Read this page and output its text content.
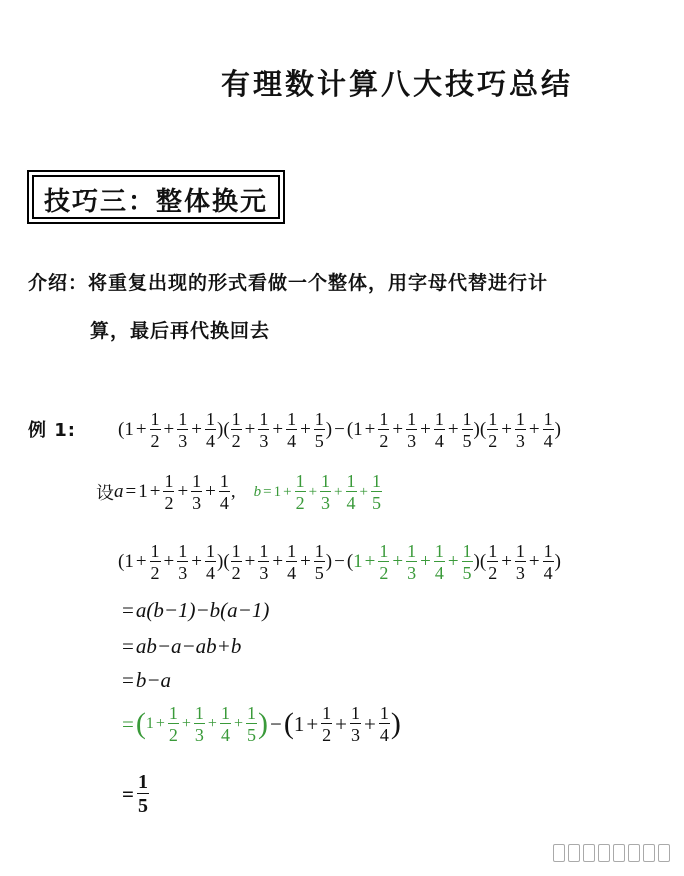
有理数计算八大技巧总结
技巧三：整体换元
介绍：将重复出现的形式看做一个整体，用字母代替进行计
算，最后再代换回去
例 1: ( $1 + \frac{1}{2} + \frac{1}{3} + \frac{1}{4}$ ) ( $\frac{1}{2} + \frac{1}{3} + \frac{1}{4} + \frac{1}{5}$ ) − ( $1 + \frac{1}{2} + \frac{1}{3} + \frac{1}{4} + \frac{1}{5}$ ) ( $\frac{1}{2} + \frac{1}{3} + \frac{1}{4}$ )
设 $a = 1 + \frac{1}{2} + \frac{1}{3} + \frac{1}{4}$ , $b = 1 + \frac{1}{2} + \frac{1}{3} + \frac{1}{4} + \frac{1}{5}$
( $1 + \frac{1}{2} + \frac{1}{3} + \frac{1}{4}$ ) ( $\frac{1}{2} + \frac{1}{3} + \frac{1}{4} + \frac{1}{5}$ ) − ( $1 + \frac{1}{2} + \frac{1}{3} + \frac{1}{4} + \frac{1}{5}$ ) ( $\frac{1}{2} + \frac{1}{3} + \frac{1}{4}$ )
= a(b−1)−b(a−1)
= ab−a−ab+b
= b−a
= ( $1 + \frac{1}{2} + \frac{1}{3} + \frac{1}{4} + \frac{1}{5}$ ) − ( $1 + \frac{1}{2} + \frac{1}{3} + \frac{1}{4}$ )
= $\frac{1}{5}$
